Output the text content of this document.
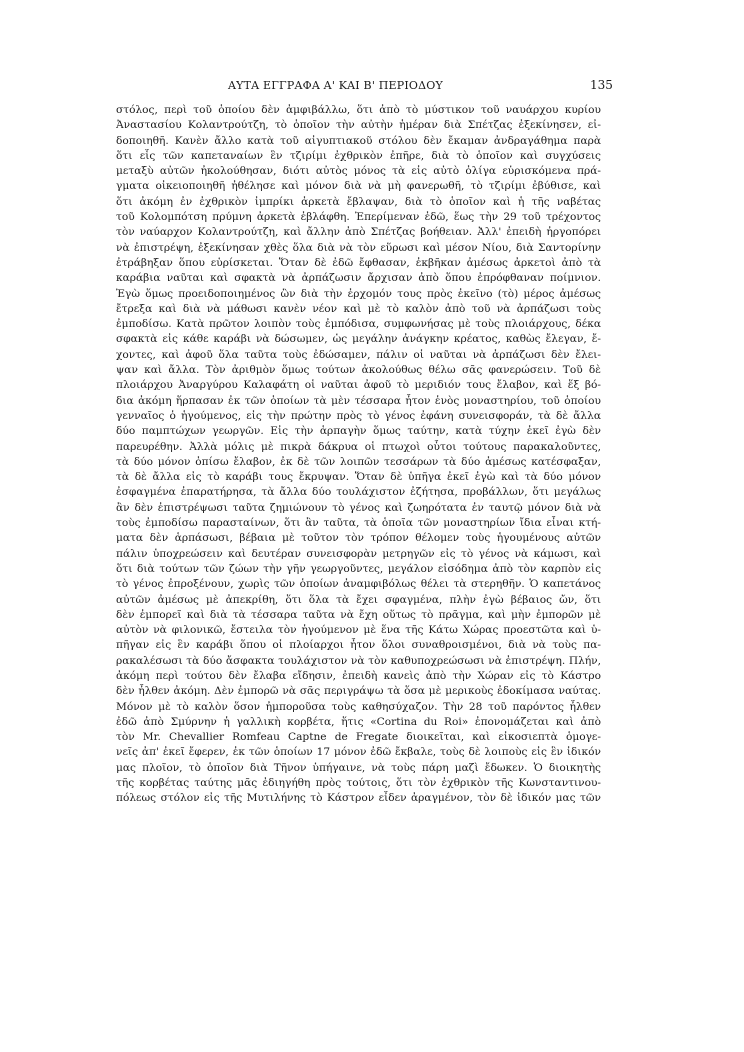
ΑΥΤΑ ΕΓΓΡΑΦΑ Α' ΚΑΙ Β' ΠΕΡΙΟΔΟΥ	135
στόλος, περὶ τοῦ ὁποίου δὲν ἀμφιβάλλω, ὅτι ἀπὸ τὸ μύστικον τοῦ ναυάρχου κυρίου
Ἀναστασίου Κολαντρούτζη, τὸ ὁποῖον τὴν αὐτὴν ἡμέραν διὰ Σπέτζας ἐξεκίνησεν, εἰ-
δοποιηθῆ. Κανὲν ἄλλο κατὰ τοῦ αἰγυπτιακοῦ στόλου δὲν ἔκαμαν ἀνδραγάθημα παρὰ
ὅτι εἷς τῶν καπεταναίων ἓν τζιρίμι ἐχθρικὸν ἐπῆρε, διὰ τὸ ὁποῖον καὶ συγχύσεις
μεταξὺ αὐτῶν ἠκολούθησαν, διότι αὐτὸς μόνος τὰ εἰς αὐτὸ ὀλίγα εὑρισκόμενα πρά-
γματα οἰκειοποιηθῆ ἠθέλησε καὶ μόνον διὰ νὰ μὴ φανερωθῆ, τὸ τζιρίμι ἐβύθισε, καὶ
ὅτι ἀκόμη ἐν ἐχθρικὸν ἰμπρίκι ἀρκετὰ ἔβλαψαν, διὰ τὸ ὁποῖον καὶ ἡ τῆς ναβέτας
τοῦ Κολομπότση πρύμνη ἀρκετὰ ἐβλάφθη. Ἐπερίμεναν ἐδῶ, ἕως τὴν 29 τοῦ τρέχοντος
τὸν ναύαρχον Κολαντρούτζη, καὶ ἄλλην ἀπὸ Σπέτζας βοήθειαν. Ἀλλ' ἐπειδὴ ἠργοπόρει
νὰ ἐπιστρέψη, ἐξεκίνησαν χθὲς ὅλα διὰ νὰ τὸν εὕρωσι καὶ μέσον Νίου, διὰ Σαντορίνην
ἐτράβηξαν ὅπου εὑρίσκεται. Ὅταν δὲ ἐδῶ ἔφθασαν, ἐκβῆκαν ἀμέσως ἀρκετοὶ ἀπὸ τὰ
καράβια ναῦται καὶ σφακτὰ νὰ ἀρπάζωσιν ἄρχισαν ἀπὸ ὅπου ἐπρόφθαναν ποίμνιον.
Ἐγὼ ὅμως προειδοποιημένος ὢν διὰ τὴν ἐρχομόν τους πρὸς ἐκεῖνο (τὸ) μέρος ἀμέσως
ἔτρεξα καὶ διὰ νὰ μάθωσι κανὲν νέον καὶ μὲ τὸ καλὸν ἀπὸ τοῦ νὰ ἀρπάζωσι τοὺς
ἐμποδίσω. Κατὰ πρῶτον λοιπὸν τοὺς ἐμπόδισα, συμφωνήσας μὲ τοὺς πλοιάρχους, δέκα
σφακτὰ εἰς κάθε καράβι νὰ δώσωμεν, ὡς μεγάλην ἀνάγκην κρέατος, καθὼς ἔλεγαν, ἔ-
χοντες, καὶ ἀφοῦ ὅλα ταῦτα τοὺς ἐδώσαμεν, πάλιν οἱ ναῦται νὰ ἀρπάζωσι δὲν ἔλει-
ψαν καὶ ἄλλα. Τὸν ἀριθμὸν ὅμως τούτων ἀκολούθως θέλω σᾶς φανερώσειν. Τοῦ δὲ
πλοιάρχου Ἀναργύρου Καλαφάτη οἱ ναῦται ἀφοῦ τὸ μεριδιόν τους ἔλαβον, καὶ ἕξ βό-
δια ἀκόμη ἥρπασαν ἐκ τῶν ὁποίων τὰ μὲν τέσσαρα ἦτον ἑνὸς μοναστηρίου, τοῦ ὁποίου
γενναῖος ὁ ἡγούμενος, εἰς τὴν πρώτην πρὸς τὸ γένος ἐφάνη συνεισφοράν, τὰ δὲ ἄλλα
δύο παμπτώχων γεωργῶν. Εἰς τὴν ἁρπαγὴν ὅμως ταύτην, κατὰ τύχην ἐκεῖ ἐγὼ δὲν
παρευρέθην. Ἀλλὰ μόλις μὲ πικρὰ δάκρυα οἱ πτωχοὶ οὗτοι τούτους παρακαλοῦντες,
τὰ δύο μόνον ὀπίσω ἔλαβον, ἐκ δὲ τῶν λοιπῶν τεσσάρων τὰ δύο ἀμέσως κατέσφαξαν,
τὰ δὲ ἄλλα εἰς τὸ καράβι τους ἔκρυψαν. Ὅταν δὲ ὑπῆγα ἐκεῖ ἐγὼ καὶ τὰ δύο μόνον
ἐσφαγμένα ἐπαρατήρησα, τὰ ἄλλα δύο τουλάχιστον ἐζήτησα, προβάλλων, ὅτι μεγάλως
ἂν δὲν ἐπιστρέψωσι ταῦτα ζημιώνουν τὸ γένος καὶ ζωηρότατα ἐν ταυτῷ μόνον διὰ νὰ
τοὺς ἐμποδίσω παρασταίνων, ὅτι ἂν ταῦτα, τὰ ὁποῖα τῶν μοναστηρίων ἴδια εἶναι κτή-
ματα δὲν ἁρπάσωσι, βέβαια μὲ τοῦτον τὸν τρόπον θέλομεν τοὺς ἡγουμένους αὐτῶν
πάλιν ὑποχρεώσειν καὶ δευτέραν συνεισφορὰν μετρηγῶν εἰς τὸ γένος νὰ κάμωσι, καὶ
ὅτι διὰ τούτων τῶν ζώων τὴν γῆν γεωργοῦντες, μεγάλον εἰσόδημα ἀπὸ τὸν καρπὸν εἰς
τὸ γένος ἐπροξένουν, χωρὶς τῶν ὁποίων ἀναμφιβόλως θέλει τὰ στερηθῆν. Ὁ καπετάνος
αὐτῶν ἀμέσως μὲ ἀπεκρίθη, ὅτι ὅλα τὰ ἔχει σφαγμένα, πλὴν ἐγὼ βέβαιος ὤν, ὅτι
δὲν ἐμπορεῖ καὶ διὰ τὰ τέσσαρα ταῦτα νὰ ἔχη οὕτως τὸ πρᾶγμα, καὶ μὴν ἐμπορῶν μὲ
αὐτὸν νὰ φιλονικῶ, ἔστειλα τὸν ἡγούμενον μὲ ἕνα τῆς Κάτω Χώρας προεστῶτα καὶ ὑ-
πῆγαν εἰς ἓν καράβι ὅπου οἱ πλοίαρχοι ἦτον ὅλοι συναθροισμένοι, διὰ νὰ τοὺς πα-
ρακαλέσωσι τὰ δύο ἄσφακτα τουλάχιστον νὰ τὸν καθυποχρεώσωσι νὰ ἐπιστρέψη. Πλήν,
ἀκόμη περὶ τούτου δὲν ἔλαβα εἴδησιν, ἐπειδὴ κανεὶς ἀπὸ τὴν Χώραν εἰς τὸ Κάστρο
δὲν ἦλθεν ἀκόμη. Δὲν ἐμπορῶ νὰ σᾶς περιγράψω τὰ ὅσα μὲ μερικοὺς ἐδοκίμασα ναύτας.
Μόνον μὲ τὸ καλὸν ὅσον ἠμποροῦσα τοὺς καθησύχαζον. Τὴν 28 τοῦ παρόντος ἦλθεν
ἐδῶ ἀπὸ Σμύρνην ἡ γαλλικὴ κορβέτα, ἥτις «Cortina du Roi» ἐπονομάζεται καὶ ἀπὸ
τὸν Mr. Chevallier Romfeau Captne de Fregate διοικεῖται, καὶ εἰκοσιεπτὰ ὁμογε-
νεῖς ἀπ' ἐκεῖ ἔφερεν, ἐκ τῶν ὁποίων 17 μόνον ἐδῶ ἔκβαλε, τοὺς δὲ λοιποὺς εἰς ἓν ἰδικόν
μας πλοῖον, τὸ ὁποῖον διὰ Τῆνον ὑπήγαινε, νὰ τοὺς πάρη μαζὶ ἔδωκεν. Ὁ διοικητὴς
τῆς κορβέτας ταύτης μᾶς ἐδιηγήθη πρὸς τούτοις, ὅτι τὸν ἐχθρικὸν τῆς Κωνσταντινου-
πόλεως στόλον εἰς τῆς Μυτιλήνης τὸ Κάστρον εἶδεν ἀραγμένον, τὸν δὲ ἰδικόν μας τῶν
